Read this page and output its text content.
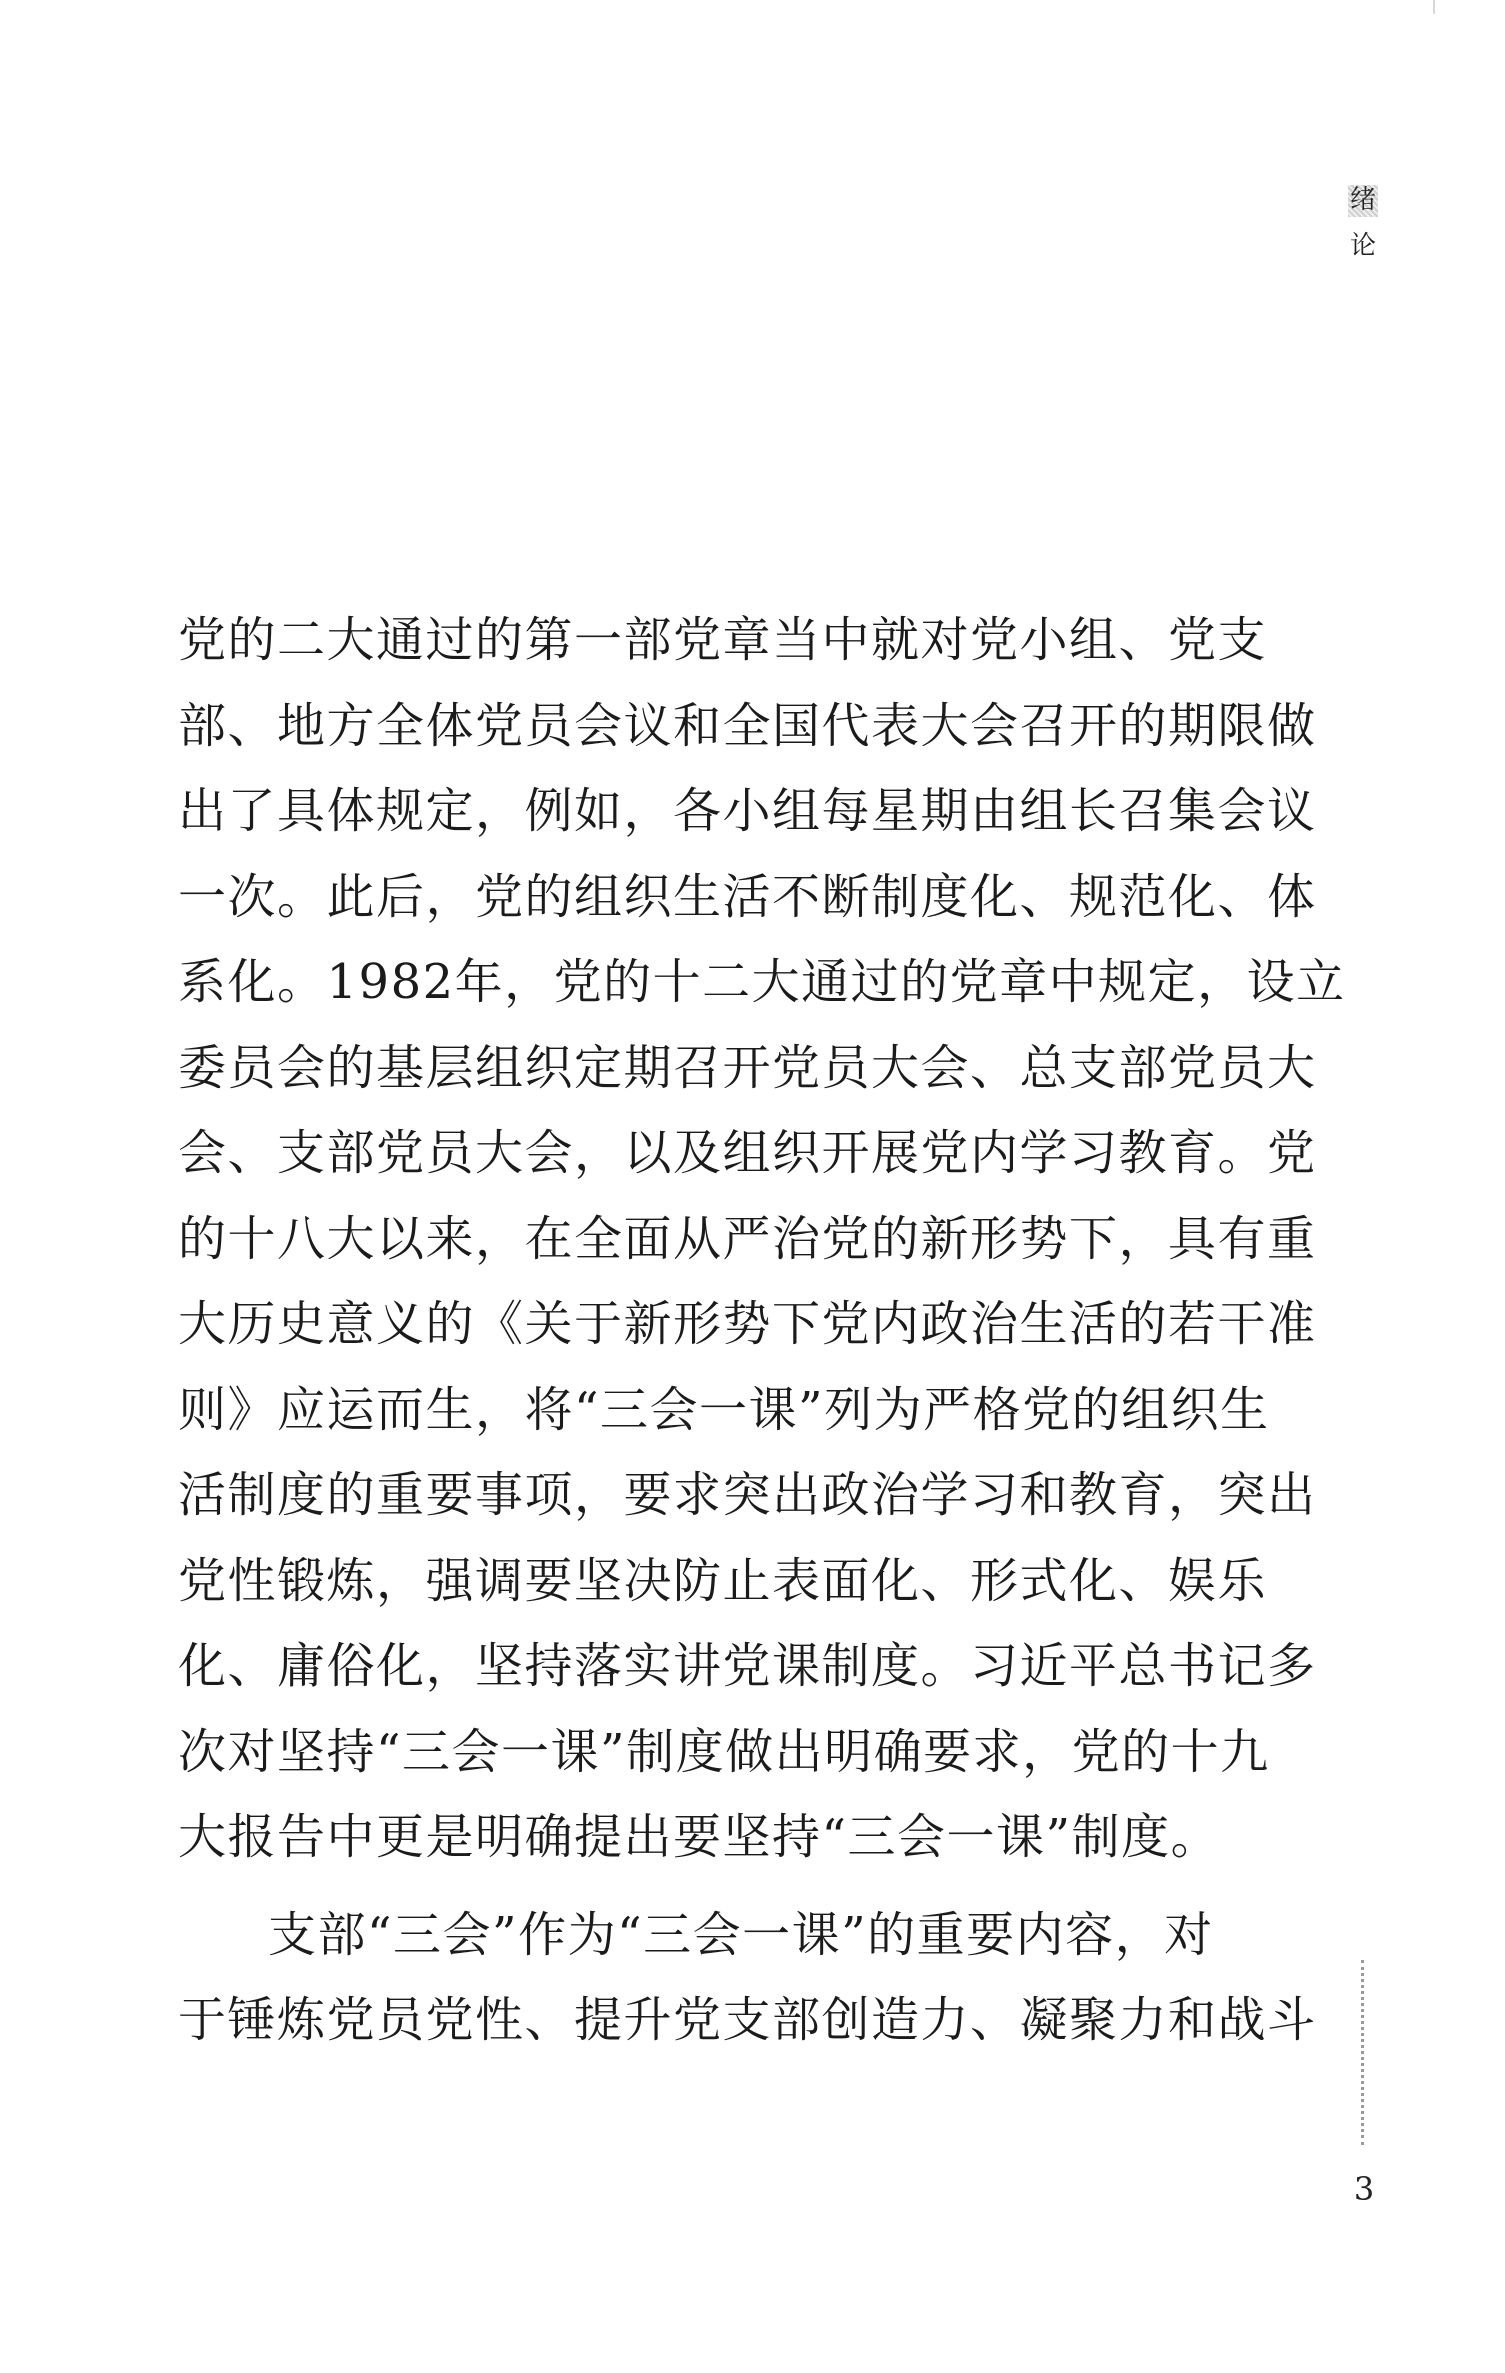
绪
论
党的二大通过的第一部党章当中就对党小组、党支
部、地方全体党员会议和全国代表大会召开的期限做
出了具体规定，例如，各小组每星期由组长召集会议
一次。此后，党的组织生活不断制度化、规范化、体
系化。1982年，党的十二大通过的党章中规定，设立
委员会的基层组织定期召开党员大会、总支部党员大
会、支部党员大会，以及组织开展党内学习教育。党
的十八大以来，在全面从严治党的新形势下，具有重
大历史意义的《关于新形势下党内政治生活的若干准
则》应运而生，将“三会一课”列为严格党的组织生
活制度的重要事项，要求突出政治学习和教育，突出
党性锻炼，强调要坚决防止表面化、形式化、娱乐
化、庸俗化，坚持落实讲党课制度。习近平总书记多
次对坚持“三会一课”制度做出明确要求，党的十九
大报告中更是明确提出要坚持“三会一课”制度。
支部“三会”作为“三会一课”的重要内容，对
于锤炼党员党性、提升党支部创造力、凝聚力和战斗
3
